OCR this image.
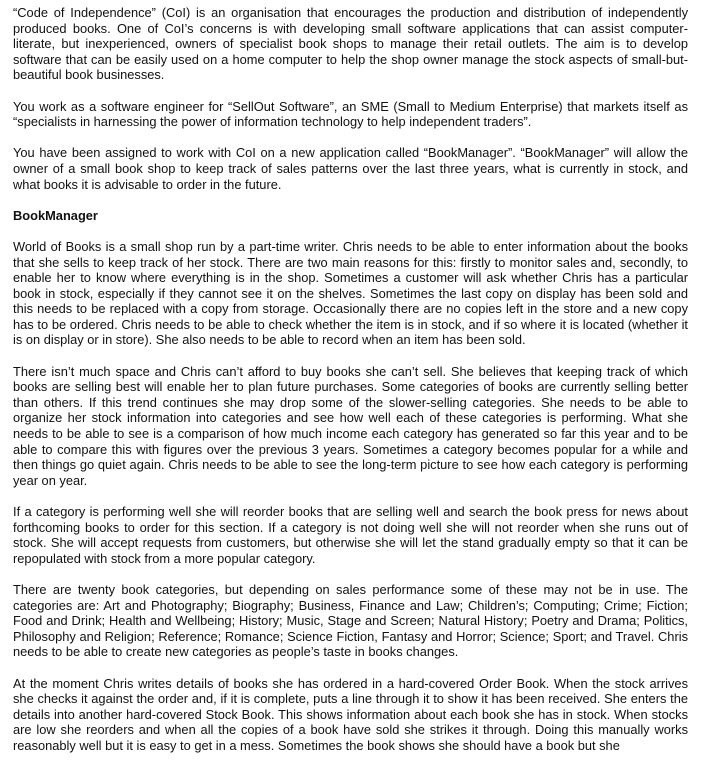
“Code of Independence” (CoI) is an organisation that encourages the production and distribution of independently produced books. One of CoI’s concerns is with developing small software applications that can assist computer-literate, but inexperienced, owners of specialist book shops to manage their retail outlets. The aim is to develop software that can be easily used on a home computer to help the shop owner manage the stock aspects of small-but-beautiful book businesses.

You work as a software engineer for “SellOut Software”, an SME (Small to Medium Enterprise) that markets itself as “specialists in harnessing the power of information technology to help independent traders”.

You have been assigned to work with CoI on a new application called “BookManager”. “BookManager” will allow the owner of a small book shop to keep track of sales patterns over the last three years, what is currently in stock, and what books it is advisable to order in the future.

BookManager

World of Books is a small shop run by a part-time writer. Chris needs to be able to enter information about the books that she sells to keep track of her stock. There are two main reasons for this: firstly to monitor sales and, secondly, to enable her to know where everything is in the shop. Sometimes a customer will ask whether Chris has a particular book in stock, especially if they cannot see it on the shelves. Sometimes the last copy on display has been sold and this needs to be replaced with a copy from storage. Occasionally there are no copies left in the store and a new copy has to be ordered. Chris needs to be able to check whether the item is in stock, and if so where it is located (whether it is on display or in store). She also needs to be able to record when an item has been sold.

There isn’t much space and Chris can’t afford to buy books she can’t sell. She believes that keeping track of which books are selling best will enable her to plan future purchases. Some categories of books are currently selling better than others. If this trend continues she may drop some of the slower-selling categories. She needs to be able to organize her stock information into categories and see how well each of these categories is performing. What she needs to be able to see is a comparison of how much income each category has generated so far this year and to be able to compare this with figures over the previous 3 years. Sometimes a category becomes popular for a while and then things go quiet again. Chris needs to be able to see the long-term picture to see how each category is performing year on year.

If a category is performing well she will reorder books that are selling well and search the book press for news about forthcoming books to order for this section. If a category is not doing well she will not reorder when she runs out of stock. She will accept requests from customers, but otherwise she will let the stand gradually empty so that it can be repopulated with stock from a more popular category.

There are twenty book categories, but depending on sales performance some of these may not be in use. The categories are: Art and Photography; Biography; Business, Finance and Law; Children’s; Computing; Crime; Fiction; Food and Drink; Health and Wellbeing; History; Music, Stage and Screen; Natural History; Poetry and Drama; Politics, Philosophy and Religion; Reference; Romance; Science Fiction, Fantasy and Horror; Science; Sport; and Travel. Chris needs to be able to create new categories as people’s taste in books changes.

At the moment Chris writes details of books she has ordered in a hard-covered Order Book. When the stock arrives she checks it against the order and, if it is complete, puts a line through it to show it has been received. She enters the details into another hard-covered Stock Book. This shows information about each book she has in stock. When stocks are low she reorders and when all the copies of a book have sold she strikes it through. Doing this manually works reasonably well but it is easy to get in a mess. Sometimes the book shows she should have a book but she
